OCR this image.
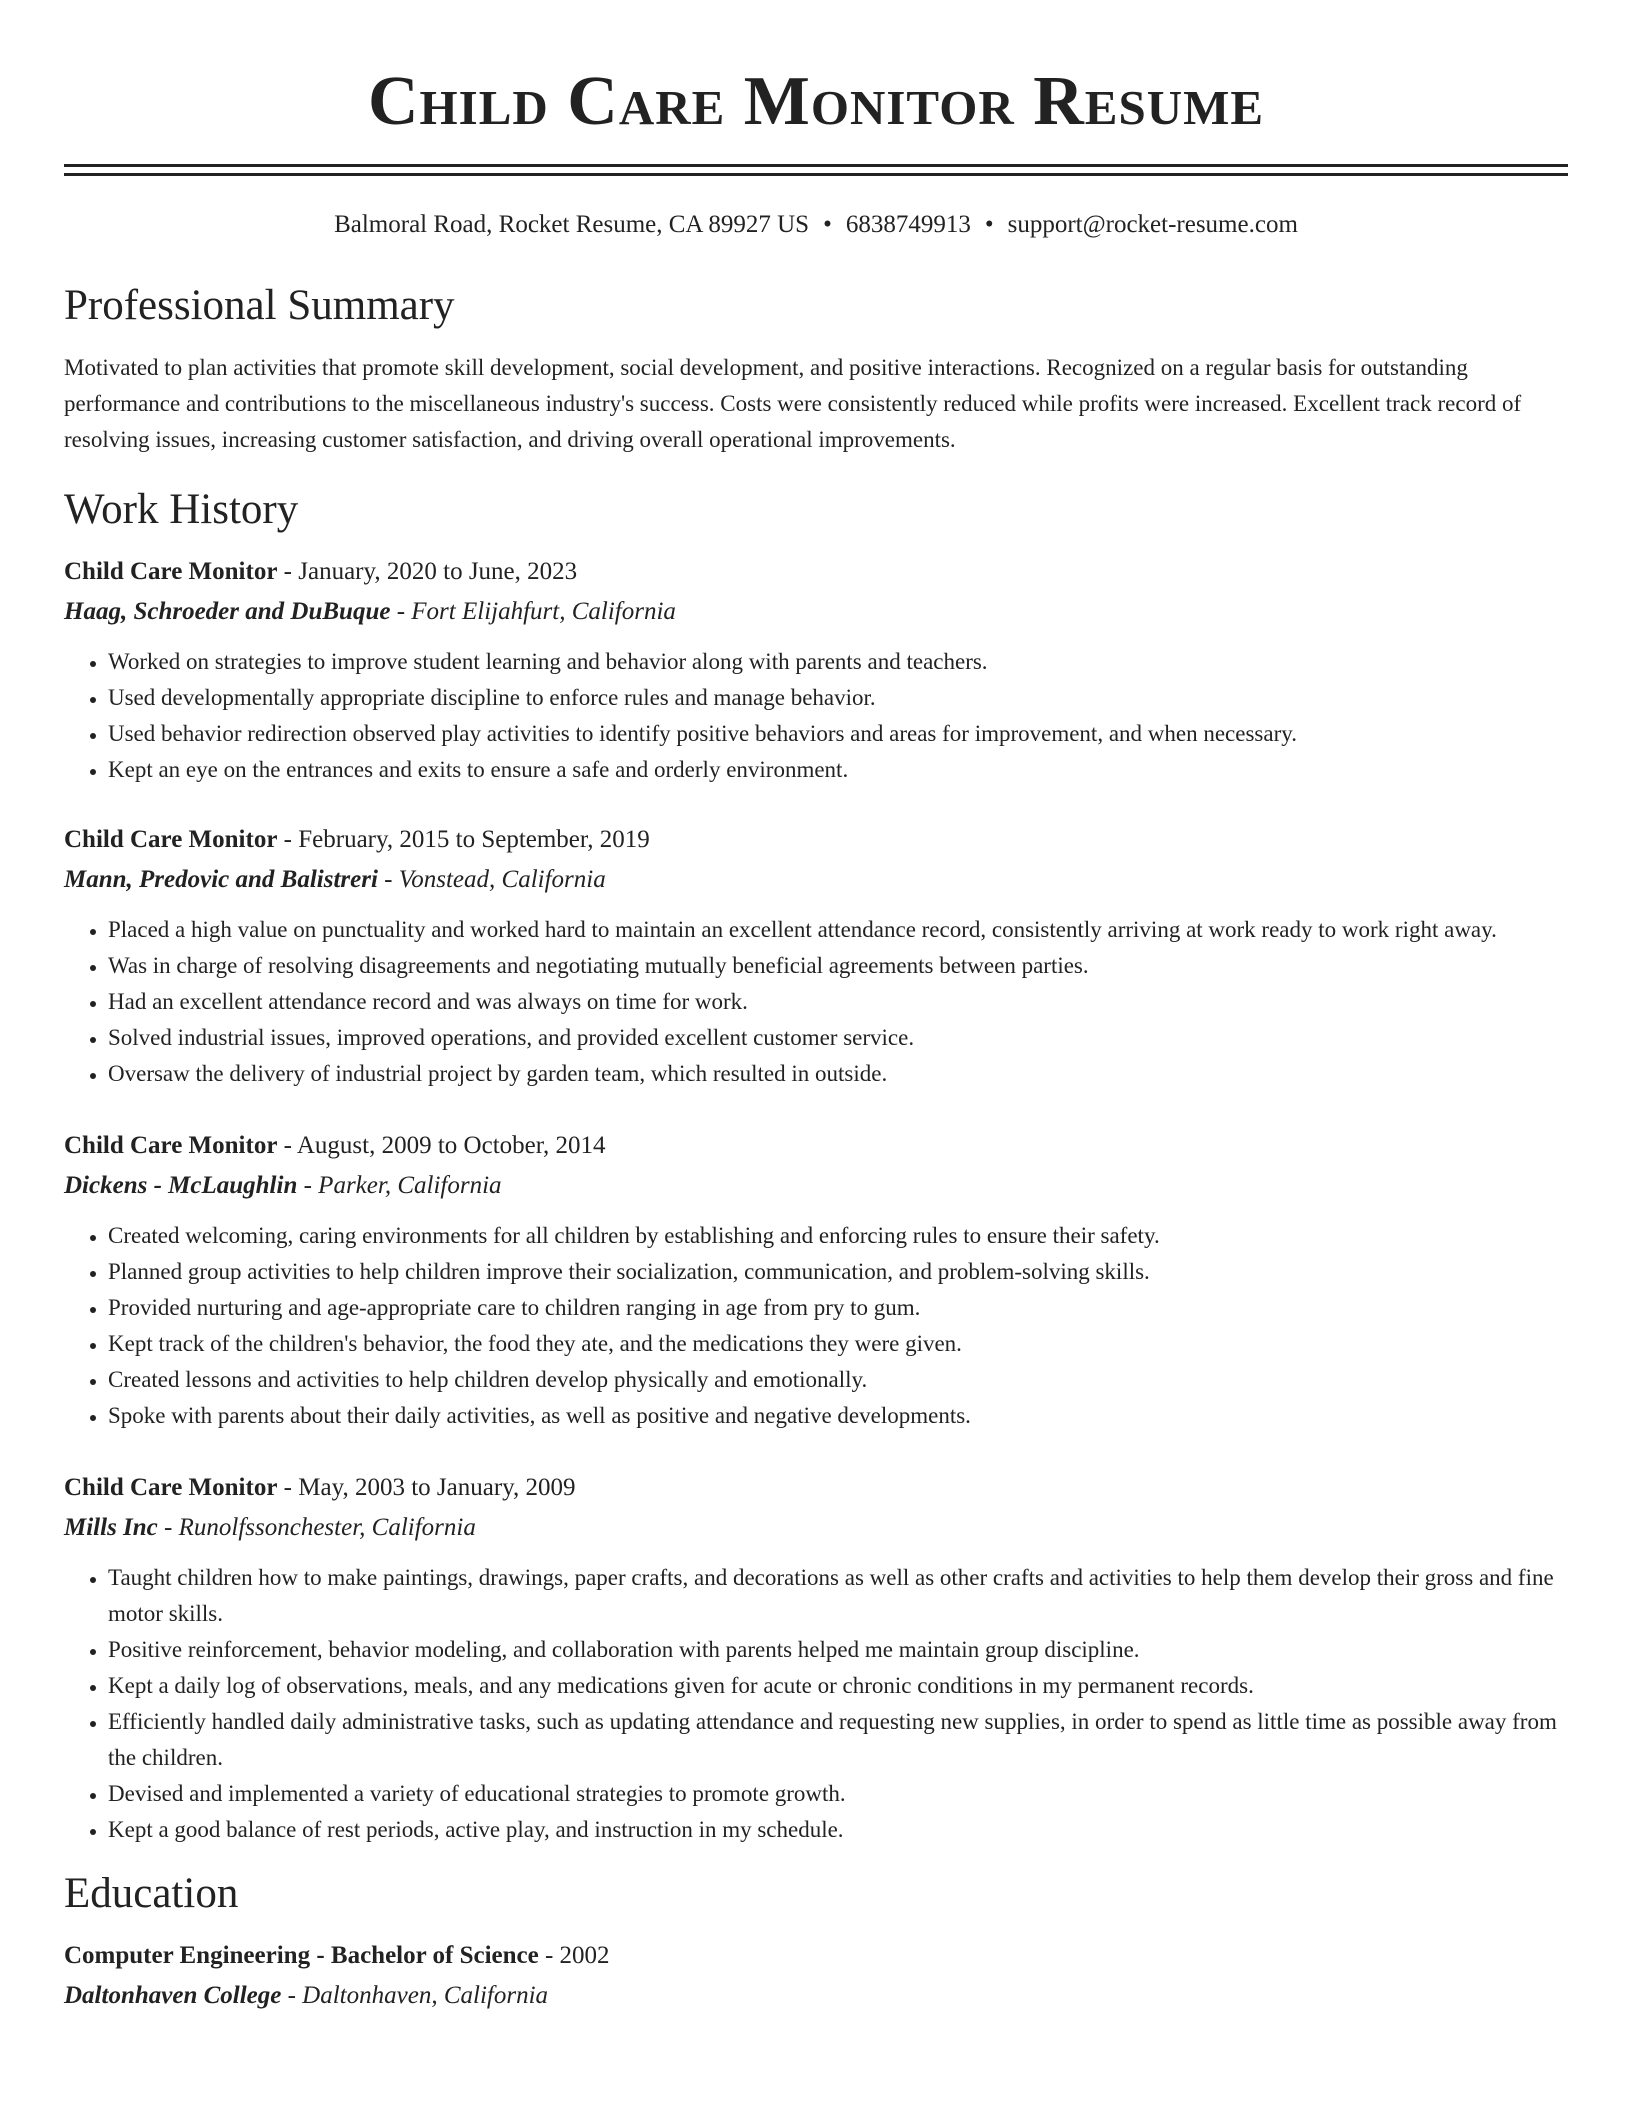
Child Care Monitor Resume
Balmoral Road, Rocket Resume, CA 89927 US • 6838749913 • support@rocket-resume.com
Professional Summary

Motivated to plan activities that promote skill development, social development, and positive interactions. Recognized on a regular basis for outstanding performance and contributions to the miscellaneous industry's success. Costs were consistently reduced while profits were increased. Excellent track record of resolving issues, increasing customer satisfaction, and driving overall operational improvements.

Work History
Child Care Monitor - January, 2020 to June, 2023
Haag, Schroeder and DuBuque - Fort Elijahfurt, California
• Worked on strategies to improve student learning and behavior along with parents and teachers.
• Used developmentally appropriate discipline to enforce rules and manage behavior.
• Used behavior redirection observed play activities to identify positive behaviors and areas for improvement, and when necessary.
• Kept an eye on the entrances and exits to ensure a safe and orderly environment.
Child Care Monitor - February, 2015 to September, 2019
Mann, Predovic and Balistreri - Vonstead, California
• Placed a high value on punctuality and worked hard to maintain an excellent attendance record, consistently arriving at work ready to work right away.
• Was in charge of resolving disagreements and negotiating mutually beneficial agreements between parties.
• Had an excellent attendance record and was always on time for work.
• Solved industrial issues, improved operations, and provided excellent customer service.
• Oversaw the delivery of industrial project by garden team, which resulted in outside.
Child Care Monitor - August, 2009 to October, 2014
Dickens - McLaughlin - Parker, California
• Created welcoming, caring environments for all children by establishing and enforcing rules to ensure their safety.
• Planned group activities to help children improve their socialization, communication, and problem-solving skills.
• Provided nurturing and age-appropriate care to children ranging in age from pry to gum.
• Kept track of the children's behavior, the food they ate, and the medications they were given.
• Created lessons and activities to help children develop physically and emotionally.
• Spoke with parents about their daily activities, as well as positive and negative developments.
Child Care Monitor - May, 2003 to January, 2009
Mills Inc - Runolfssonchester, California
• Taught children how to make paintings, drawings, paper crafts, and decorations as well as other crafts and activities to help them develop their gross and fine motor skills.
• Positive reinforcement, behavior modeling, and collaboration with parents helped me maintain group discipline.
• Kept a daily log of observations, meals, and any medications given for acute or chronic conditions in my permanent records.
• Efficiently handled daily administrative tasks, such as updating attendance and requesting new supplies, in order to spend as little time as possible away from the children.
• Devised and implemented a variety of educational strategies to promote growth.
• Kept a good balance of rest periods, active play, and instruction in my schedule.
Education
Computer Engineering - Bachelor of Science - 2002
Daltonhaven College - Daltonhaven, California
